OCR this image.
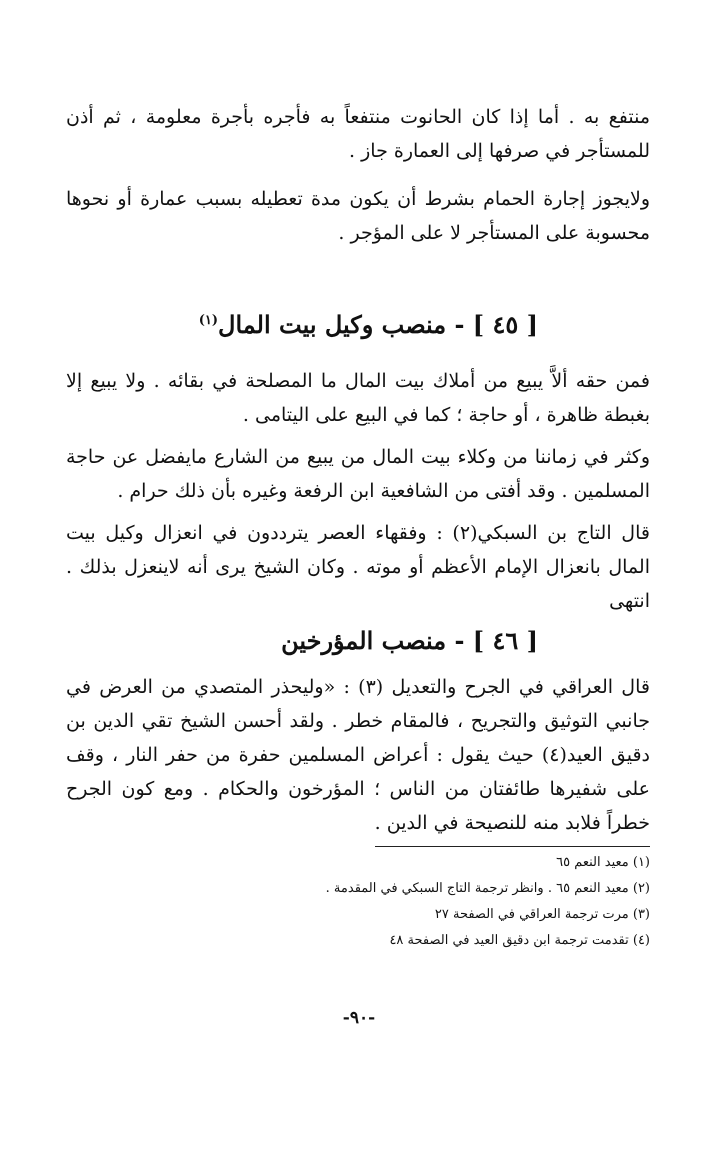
منتفع به . أما إذا كان الحانوت منتفعاً به فأجره بأجرة معلومة ، ثم أذن للمستأجر في صرفها إلى العمارة جاز .

ولايجوز إجارة الحمام بشرط أن يكون مدة تعطيله بسبب عمارة أو نحوها محسوبة على المستأجر لا على المؤجر .

[ ٤٥ ] - منصب وكيل بيت المال$^{(١)}$

فمن حقه ألاَّ يبيع من أملاك بيت المال ما المصلحة في بقائه . ولا يبيع إلا بغبطة ظاهرة ، أو حاجة ؛ كما في البيع على اليتامى .

وكثر في زماننا من وكلاء بيت المال من يبيع من الشارع مايفضل عن حاجة المسلمين . وقد أفتى من الشافعية ابن الرفعة وغيره بأن ذلك حرام .

قال التاج بن السبكي(٢) : وفقهاء العصر يترددون في انعزال وكيل بيت المال بانعزال الإمام الأعظم أو موته . وكان الشيخ يرى أنه لاينعزل بذلك . انتهى

[ ٤٦ ] - منصب المؤرخين

قال العراقي في الجرح والتعديل (٣) : «وليحذر المتصدي من العرض في جانبي التوثيق والتجريح ، فالمقام خطر . ولقد أحسن الشيخ تقي الدين بن دقيق العيد(٤) حيث يقول : أعراض المسلمين حفرة من حفر النار ، وقف على شفيرها طائفتان من الناس ؛ المؤرخون والحكام . ومع كون الجرح خطراً فلابد منه للنصيحة في الدين .

(١) معيد النعم ٦٥
(٢) معيد النعم ٦٥ . وانظر ترجمة التاج السبكي في المقدمة .
(٣) مرت ترجمة العراقي في الصفحة ٢٧
(٤) تقدمت ترجمة ابن دقيق العيد في الصفحة ٤٨
-٩٠-
